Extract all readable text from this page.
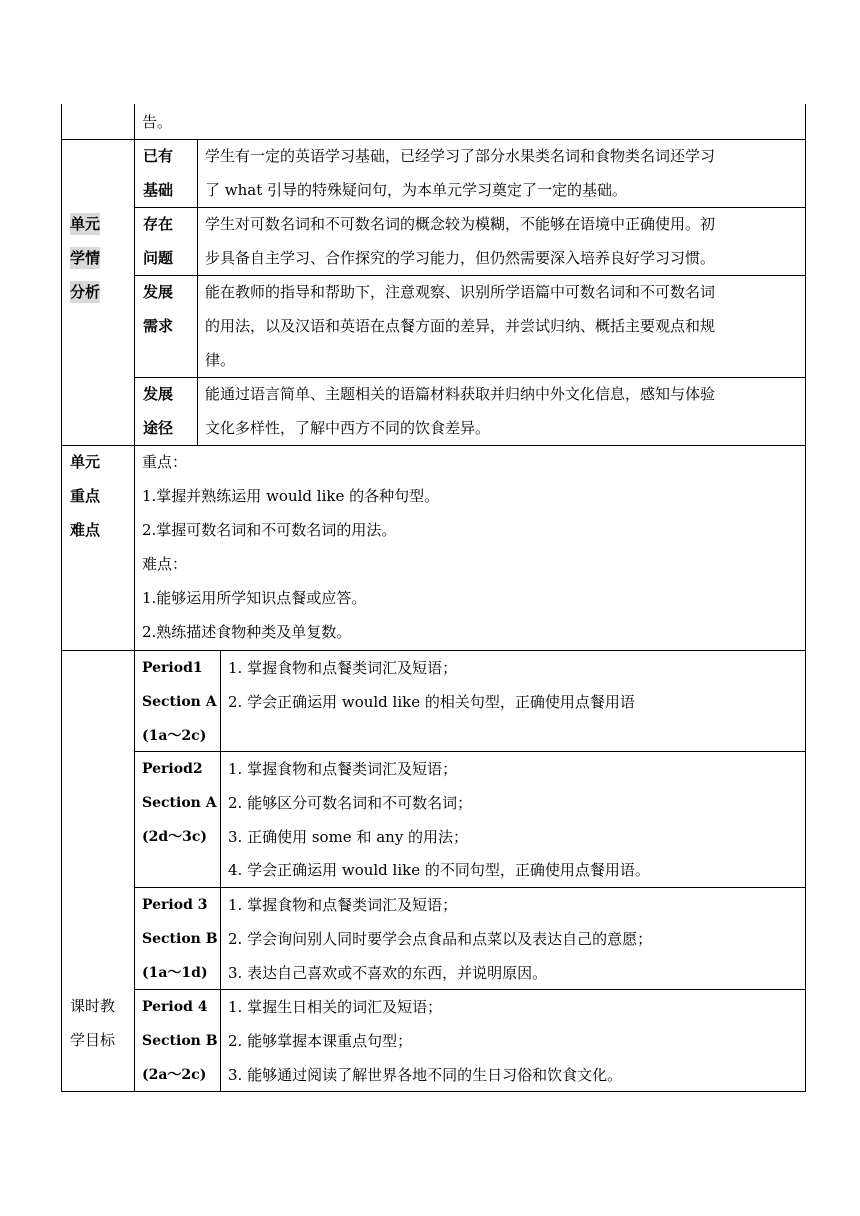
告。
单元
学情
分析
已有
基础
学生有一定的英语学习基础，已经学习了部分水果类名词和食物类名词还学习
了 what 引导的特殊疑问句，为本单元学习奠定了一定的基础。
存在
问题
学生对可数名词和不可数名词的概念较为模糊，不能够在语境中正确使用。初
步具备自主学习、合作探究的学习能力，但仍然需要深入培养良好学习习惯。
发展
需求
能在教师的指导和帮助下，注意观察、识别所学语篇中可数名词和不可数名词
的用法，以及汉语和英语在点餐方面的差异，并尝试归纳、概括主要观点和规
律。
发展
途径
能通过语言简单、主题相关的语篇材料获取并归纳中外文化信息，感知与体验
文化多样性，了解中西方不同的饮食差异。
单元
重点
难点
重点：
1.掌握并熟练运用 would like 的各种句型。
2.掌握可数名词和不可数名词的用法。
难点：
1.能够运用所学知识点餐或应答。
2.熟练描述食物种类及单复数。
课时教
学目标
Period1
Section A
(1a～2c)
1. 掌握食物和点餐类词汇及短语；
2. 学会正确运用 would like 的相关句型，正确使用点餐用语
Period2
Section A
(2d～3c)
1. 掌握食物和点餐类词汇及短语；
2. 能够区分可数名词和不可数名词；
3. 正确使用 some 和 any 的用法；
4. 学会正确运用 would like 的不同句型，正确使用点餐用语。
Period 3
Section B
(1a～1d)
1. 掌握食物和点餐类词汇及短语；
2. 学会询问别人同时要学会点食品和点菜以及表达自己的意愿；
3. 表达自己喜欢或不喜欢的东西，并说明原因。
Period 4
Section B
(2a～2c)
1. 掌握生日相关的词汇及短语；
2. 能够掌握本课重点句型；
3. 能够通过阅读了解世界各地不同的生日习俗和饮食文化。
